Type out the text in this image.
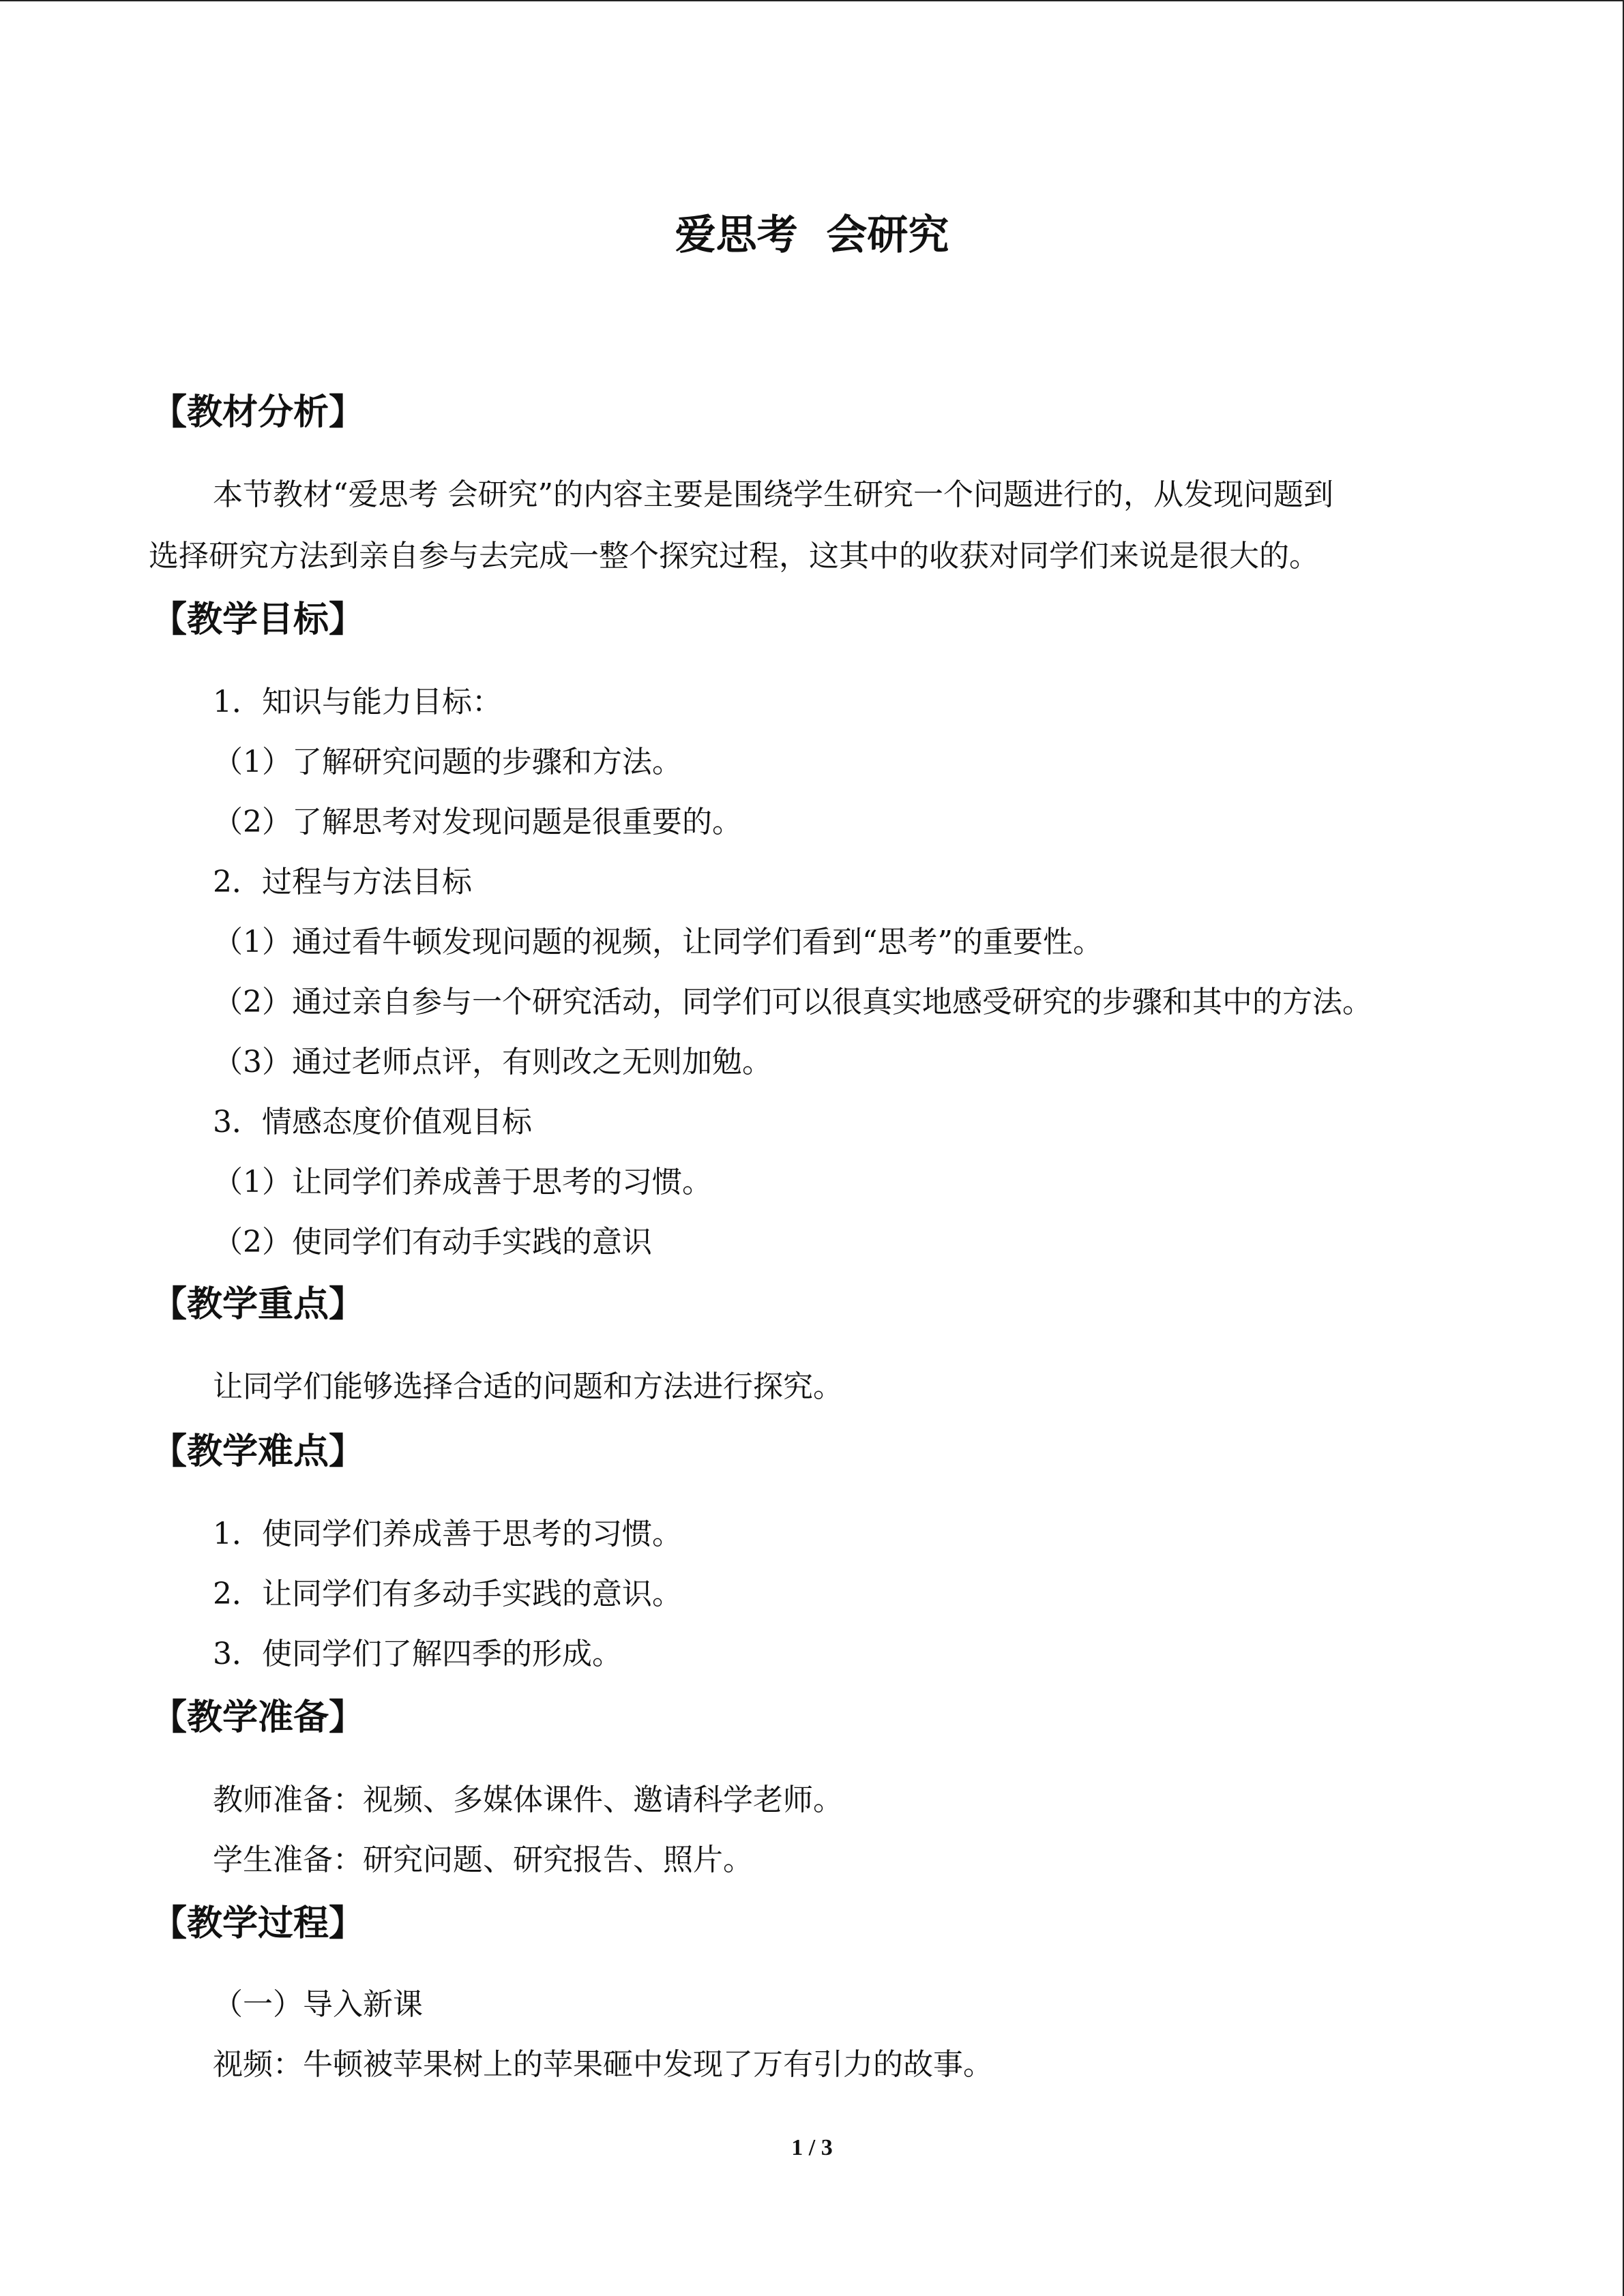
爱思考  会研究
【教材分析】
本节教材“爱思考 会研究”的内容主要是围绕学生研究一个问题进行的，从发现问题到
选择研究方法到亲自参与去完成一整个探究过程，这其中的收获对同学们来说是很大的。
【教学目标】
1．知识与能力目标：
（1）了解研究问题的步骤和方法。
（2）了解思考对发现问题是很重要的。
2．过程与方法目标
（1）通过看牛顿发现问题的视频，让同学们看到“思考”的重要性。
（2）通过亲自参与一个研究活动，同学们可以很真实地感受研究的步骤和其中的方法。
（3）通过老师点评，有则改之无则加勉。
3．情感态度价值观目标
（1）让同学们养成善于思考的习惯。
（2）使同学们有动手实践的意识
【教学重点】
让同学们能够选择合适的问题和方法进行探究。
【教学难点】
1．使同学们养成善于思考的习惯。
2．让同学们有多动手实践的意识。
3．使同学们了解四季的形成。
【教学准备】
教师准备：视频、多媒体课件、邀请科学老师。
学生准备：研究问题、研究报告、照片。
【教学过程】
（一）导入新课
视频：牛顿被苹果树上的苹果砸中发现了万有引力的故事。
1 / 3
